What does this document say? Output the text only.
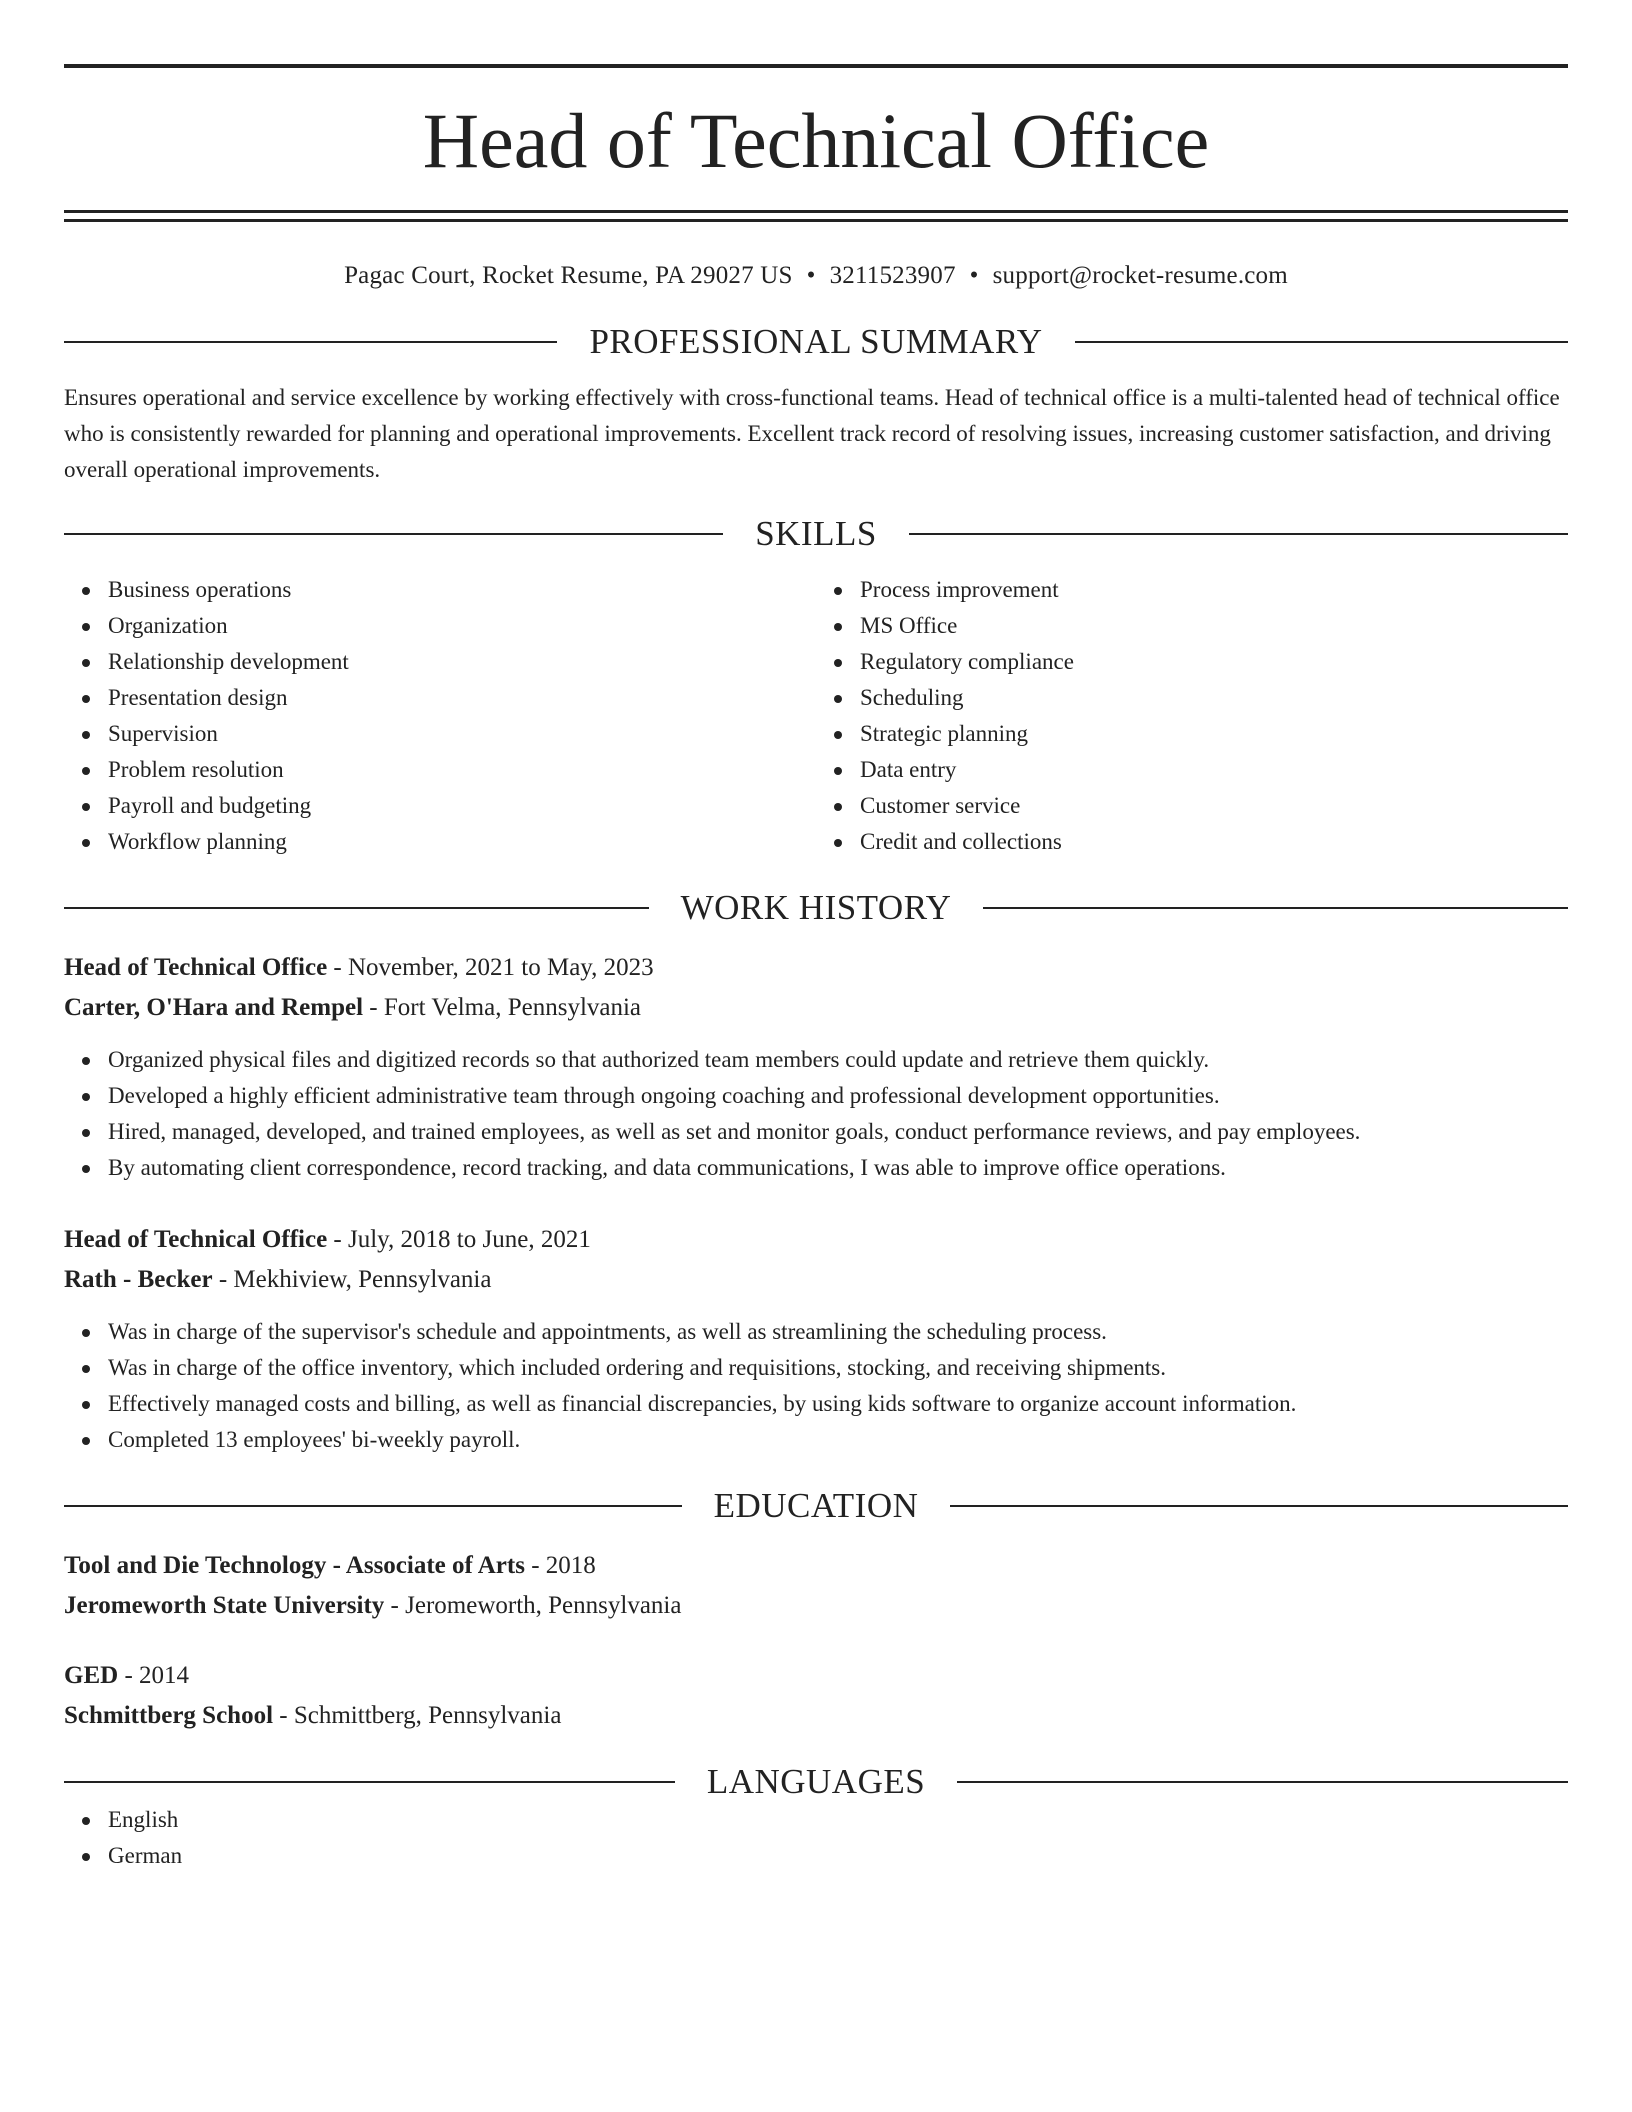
Head of Technical Office
Pagac Court, Rocket Resume, PA 29027 US • 3211523907 • support@rocket-resume.com
PROFESSIONAL SUMMARY
Ensures operational and service excellence by working effectively with cross-functional teams. Head of technical office is a multi-talented head of technical office who is consistently rewarded for planning and operational improvements. Excellent track record of resolving issues, increasing customer satisfaction, and driving overall operational improvements.
SKILLS
Business operations
Organization
Relationship development
Presentation design
Supervision
Problem resolution
Payroll and budgeting
Workflow planning
Process improvement
MS Office
Regulatory compliance
Scheduling
Strategic planning
Data entry
Customer service
Credit and collections
WORK HISTORY
Head of Technical Office - November, 2021 to May, 2023
Carter, O'Hara and Rempel - Fort Velma, Pennsylvania
Organized physical files and digitized records so that authorized team members could update and retrieve them quickly.
Developed a highly efficient administrative team through ongoing coaching and professional development opportunities.
Hired, managed, developed, and trained employees, as well as set and monitor goals, conduct performance reviews, and pay employees.
By automating client correspondence, record tracking, and data communications, I was able to improve office operations.
Head of Technical Office - July, 2018 to June, 2021
Rath - Becker - Mekhiview, Pennsylvania
Was in charge of the supervisor's schedule and appointments, as well as streamlining the scheduling process.
Was in charge of the office inventory, which included ordering and requisitions, stocking, and receiving shipments.
Effectively managed costs and billing, as well as financial discrepancies, by using kids software to organize account information.
Completed 13 employees' bi-weekly payroll.
EDUCATION
Tool and Die Technology - Associate of Arts - 2018
Jeromeworth State University - Jeromeworth, Pennsylvania
GED - 2014
Schmittberg School - Schmittberg, Pennsylvania
LANGUAGES
English
German
